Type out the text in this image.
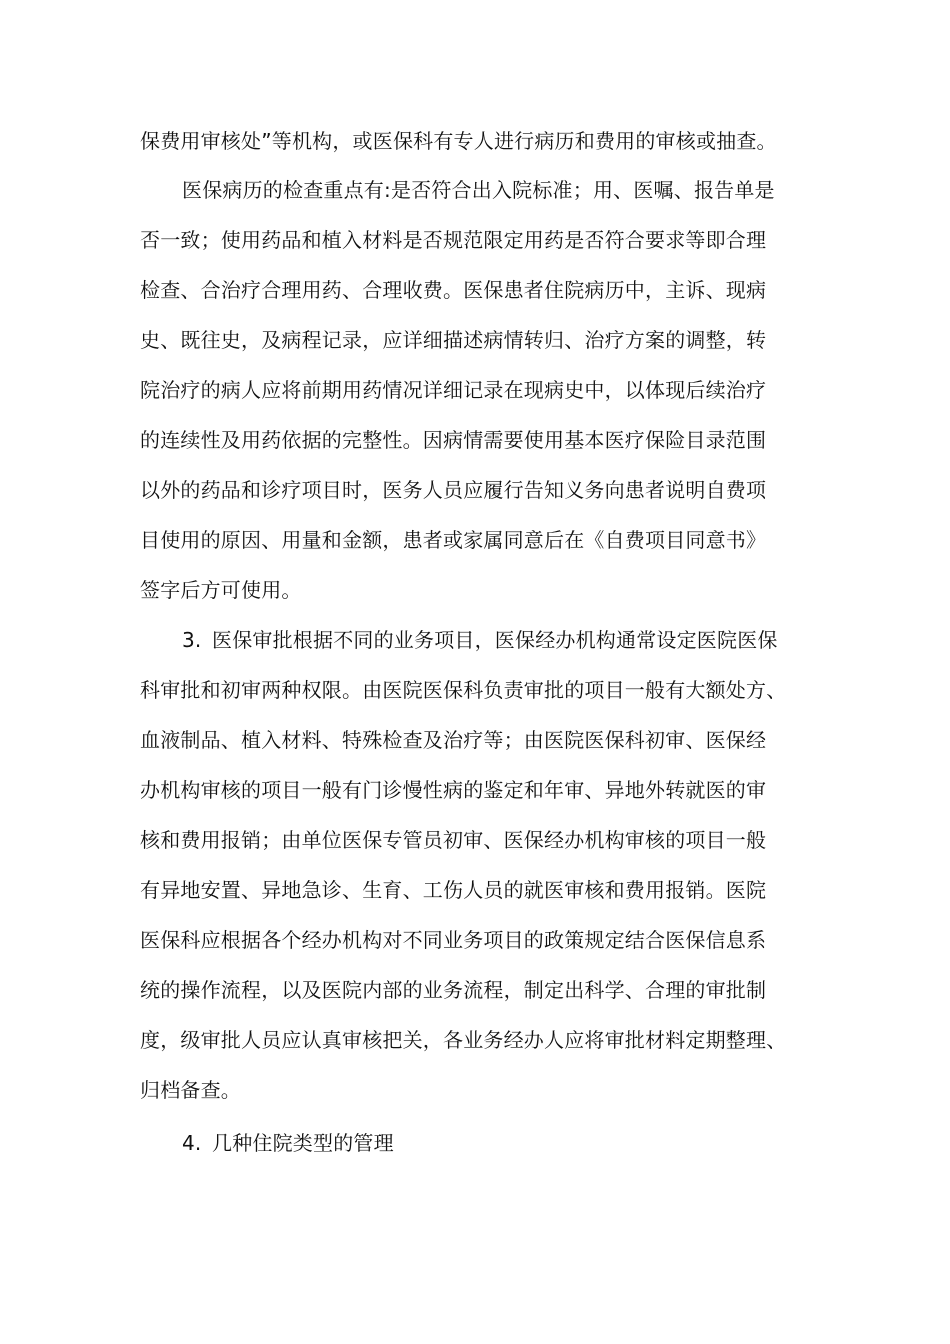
保费用审核处”等机构，或医保科有专人进行病历和费用的审核或抽查。
医保病历的检查重点有:是否符合出入院标准；用、医嘱、报告单是
否一致；使用药品和植入材料是否规范限定用药是否符合要求等即合理
检查、合治疗合理用药、合理收费。医保患者住院病历中，主诉、现病
史、既往史，及病程记录，应详细描述病情转归、治疗方案的调整，转
院治疗的病人应将前期用药情况详细记录在现病史中，以体现后续治疗
的连续性及用药依据的完整性。因病情需要使用基本医疗保险目录范围
以外的药品和诊疗项目时，医务人员应履行告知义务向患者说明自费项
目使用的原因、用量和金额，患者或家属同意后在《自费项目同意书》
签字后方可使用。
3. 医保审批根据不同的业务项目，医保经办机构通常设定医院医保
科审批和初审两种权限。由医院医保科负责审批的项目一般有大额处方、
血液制品、植入材料、特殊检查及治疗等；由医院医保科初审、医保经
办机构审核的项目一般有门诊慢性病的鉴定和年审、异地外转就医的审
核和费用报销；由单位医保专管员初审、医保经办机构审核的项目一般
有异地安置、异地急诊、生育、工伤人员的就医审核和费用报销。医院
医保科应根据各个经办机构对不同业务项目的政策规定结合医保信息系
统的操作流程，以及医院内部的业务流程，制定出科学、合理的审批制
度，级审批人员应认真审核把关，各业务经办人应将审批材料定期整理、
归档备查。
4. 几种住院类型的管理
